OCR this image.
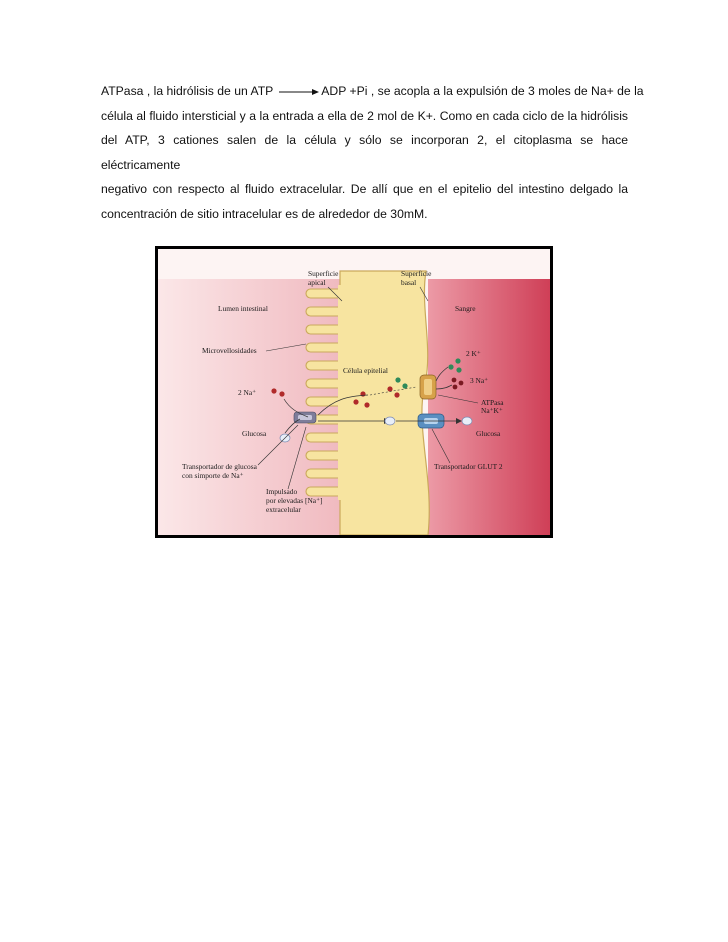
ATPasa , la hidrólisis de un ATP → ADP +Pi , se acopla a la expulsión de 3 moles de Na+ de la
célula al fluido intersticial y a la entrada a ella de 2 mol de K+. Como en cada ciclo de la hidrólisis
del ATP, 3 cationes salen de la célula y sólo se incorporan 2, el citoplasma se hace eléctricamente
negativo con respecto al fluido extracelular. De allí que en el epitelio del intestino delgado la
concentración de sitio intracelular es de alrededor de 30mM.
Superficie
apical
Superficie
basal
Lumen intestinal	Sangre
Microvellosidades
Célula epitelial
2 Na⁺
Glucosa
2 K⁺
3 Na⁺
ATPasa
Na⁺K⁺
Glucosa
Transportador de glucosa
con simporte de Na⁺
Impulsado
por elevadas [Na⁺]
extracelular
Transportador GLUT 2
